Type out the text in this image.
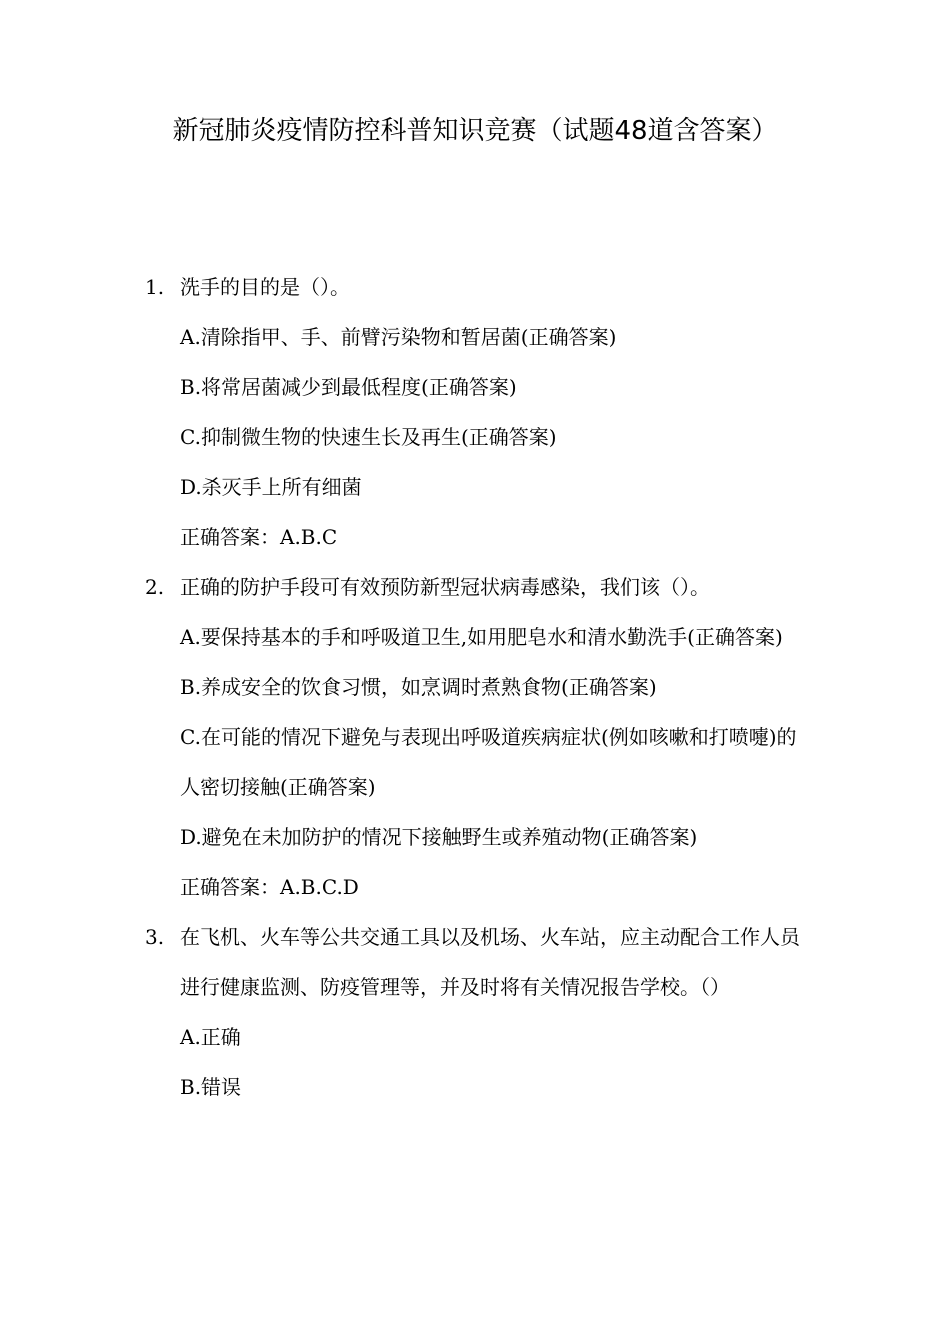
新冠肺炎疫情防控科普知识竞赛（试题48道含答案）
1. 洗手的目的是（）。
A.清除指甲、手、前臂污染物和暂居菌(正确答案)
B.将常居菌减少到最低程度(正确答案)
C.抑制微生物的快速生长及再生(正确答案)
D.杀灭手上所有细菌
正确答案：A.B.C
2. 正确的防护手段可有效预防新型冠状病毒感染，我们该（）。
A.要保持基本的手和呼吸道卫生,如用肥皂水和清水勤洗手(正确答案)
B.养成安全的饮食习惯，如烹调时煮熟食物(正确答案)
C.在可能的情况下避免与表现出呼吸道疾病症状(例如咳嗽和打喷嚏)的人密切接触(正确答案)
D.避免在未加防护的情况下接触野生或养殖动物(正确答案)
正确答案：A.B.C.D
3. 在飞机、火车等公共交通工具以及机场、火车站，应主动配合工作人员进行健康监测、防疫管理等，并及时将有关情况报告学校。（）
A.正确
B.错误
